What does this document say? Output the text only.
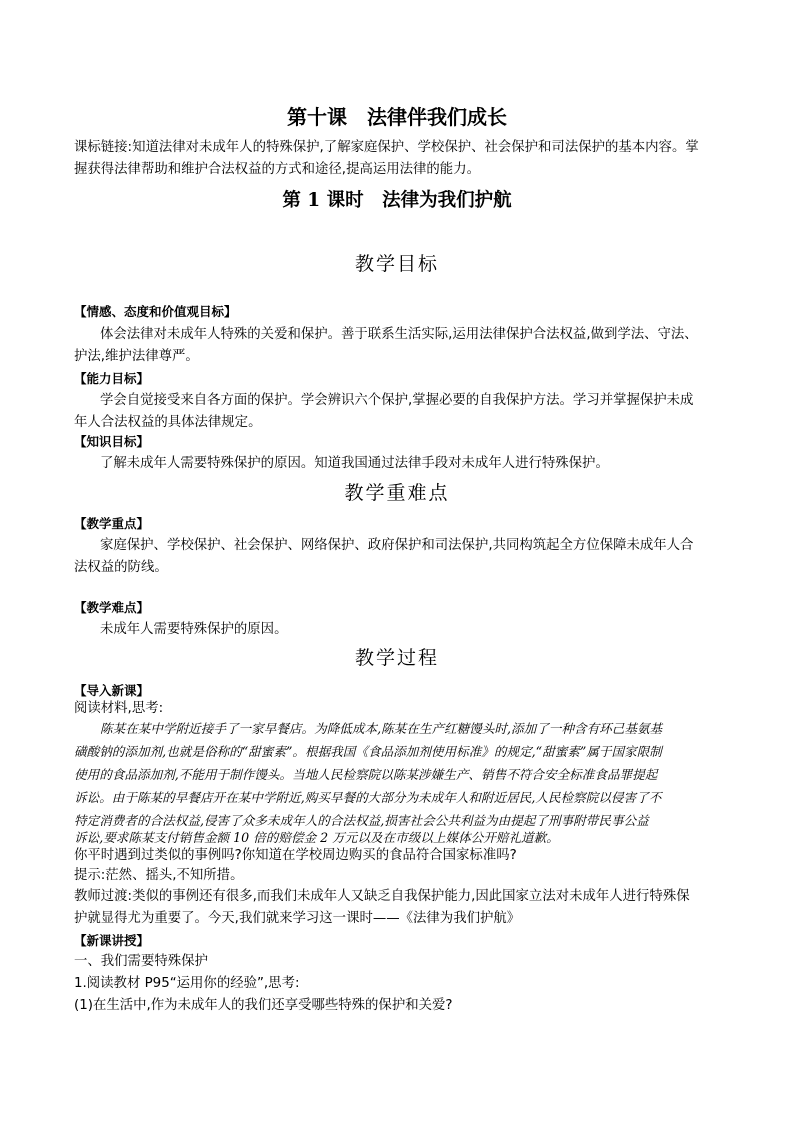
第十课　法律伴我们成长
课标链接:知道法律对未成年人的特殊保护,了解家庭保护、学校保护、社会保护和司法保护的基本内容。掌
握获得法律帮助和维护合法权益的方式和途径,提高运用法律的能力。
第 1 课时　法律为我们护航
教学目标
【情感、态度和价值观目标】
体会法律对未成年人特殊的关爱和保护。善于联系生活实际,运用法律保护合法权益,做到学法、守法、
护法,维护法律尊严。
【能力目标】
学会自觉接受来自各方面的保护。学会辨识六个保护,掌握必要的自我保护方法。学习并掌握保护未成
年人合法权益的具体法律规定。
【知识目标】
了解未成年人需要特殊保护的原因。知道我国通过法律手段对未成年人进行特殊保护。
教学重难点
【教学重点】
家庭保护、学校保护、社会保护、网络保护、政府保护和司法保护,共同构筑起全方位保障未成年人合
法权益的防线。
【教学难点】
未成年人需要特殊保护的原因。
教学过程
【导入新课】
阅读材料,思考:
陈某在某中学附近接手了一家早餐店。为降低成本,陈某在生产红糖馒头时,添加了一种含有环己基氨基
磺酸钠的添加剂,也就是俗称的“甜蜜素”。根据我国《食品添加剂使用标准》的规定,“甜蜜素”属于国家限制
使用的食品添加剂,不能用于制作馒头。当地人民检察院以陈某涉嫌生产、销售不符合安全标准食品罪提起
诉讼。由于陈某的早餐店开在某中学附近,购买早餐的大部分为未成年人和附近居民,人民检察院以侵害了不
特定消费者的合法权益,侵害了众多未成年人的合法权益,损害社会公共利益为由提起了刑事附带民事公益
诉讼,要求陈某支付销售金额 10 倍的赔偿金 2 万元以及在市级以上媒体公开赔礼道歉。
你平时遇到过类似的事例吗?你知道在学校周边购买的食品符合国家标准吗?
提示:茫然、摇头,不知所措。
教师过渡:类似的事例还有很多,而我们未成年人又缺乏自我保护能力,因此国家立法对未成年人进行特殊保
护就显得尤为重要了。今天,我们就来学习这一课时——《法律为我们护航》
【新课讲授】
一、我们需要特殊保护
1.阅读教材 P95“运用你的经验”,思考:
(1)在生活中,作为未成年人的我们还享受哪些特殊的保护和关爱?
